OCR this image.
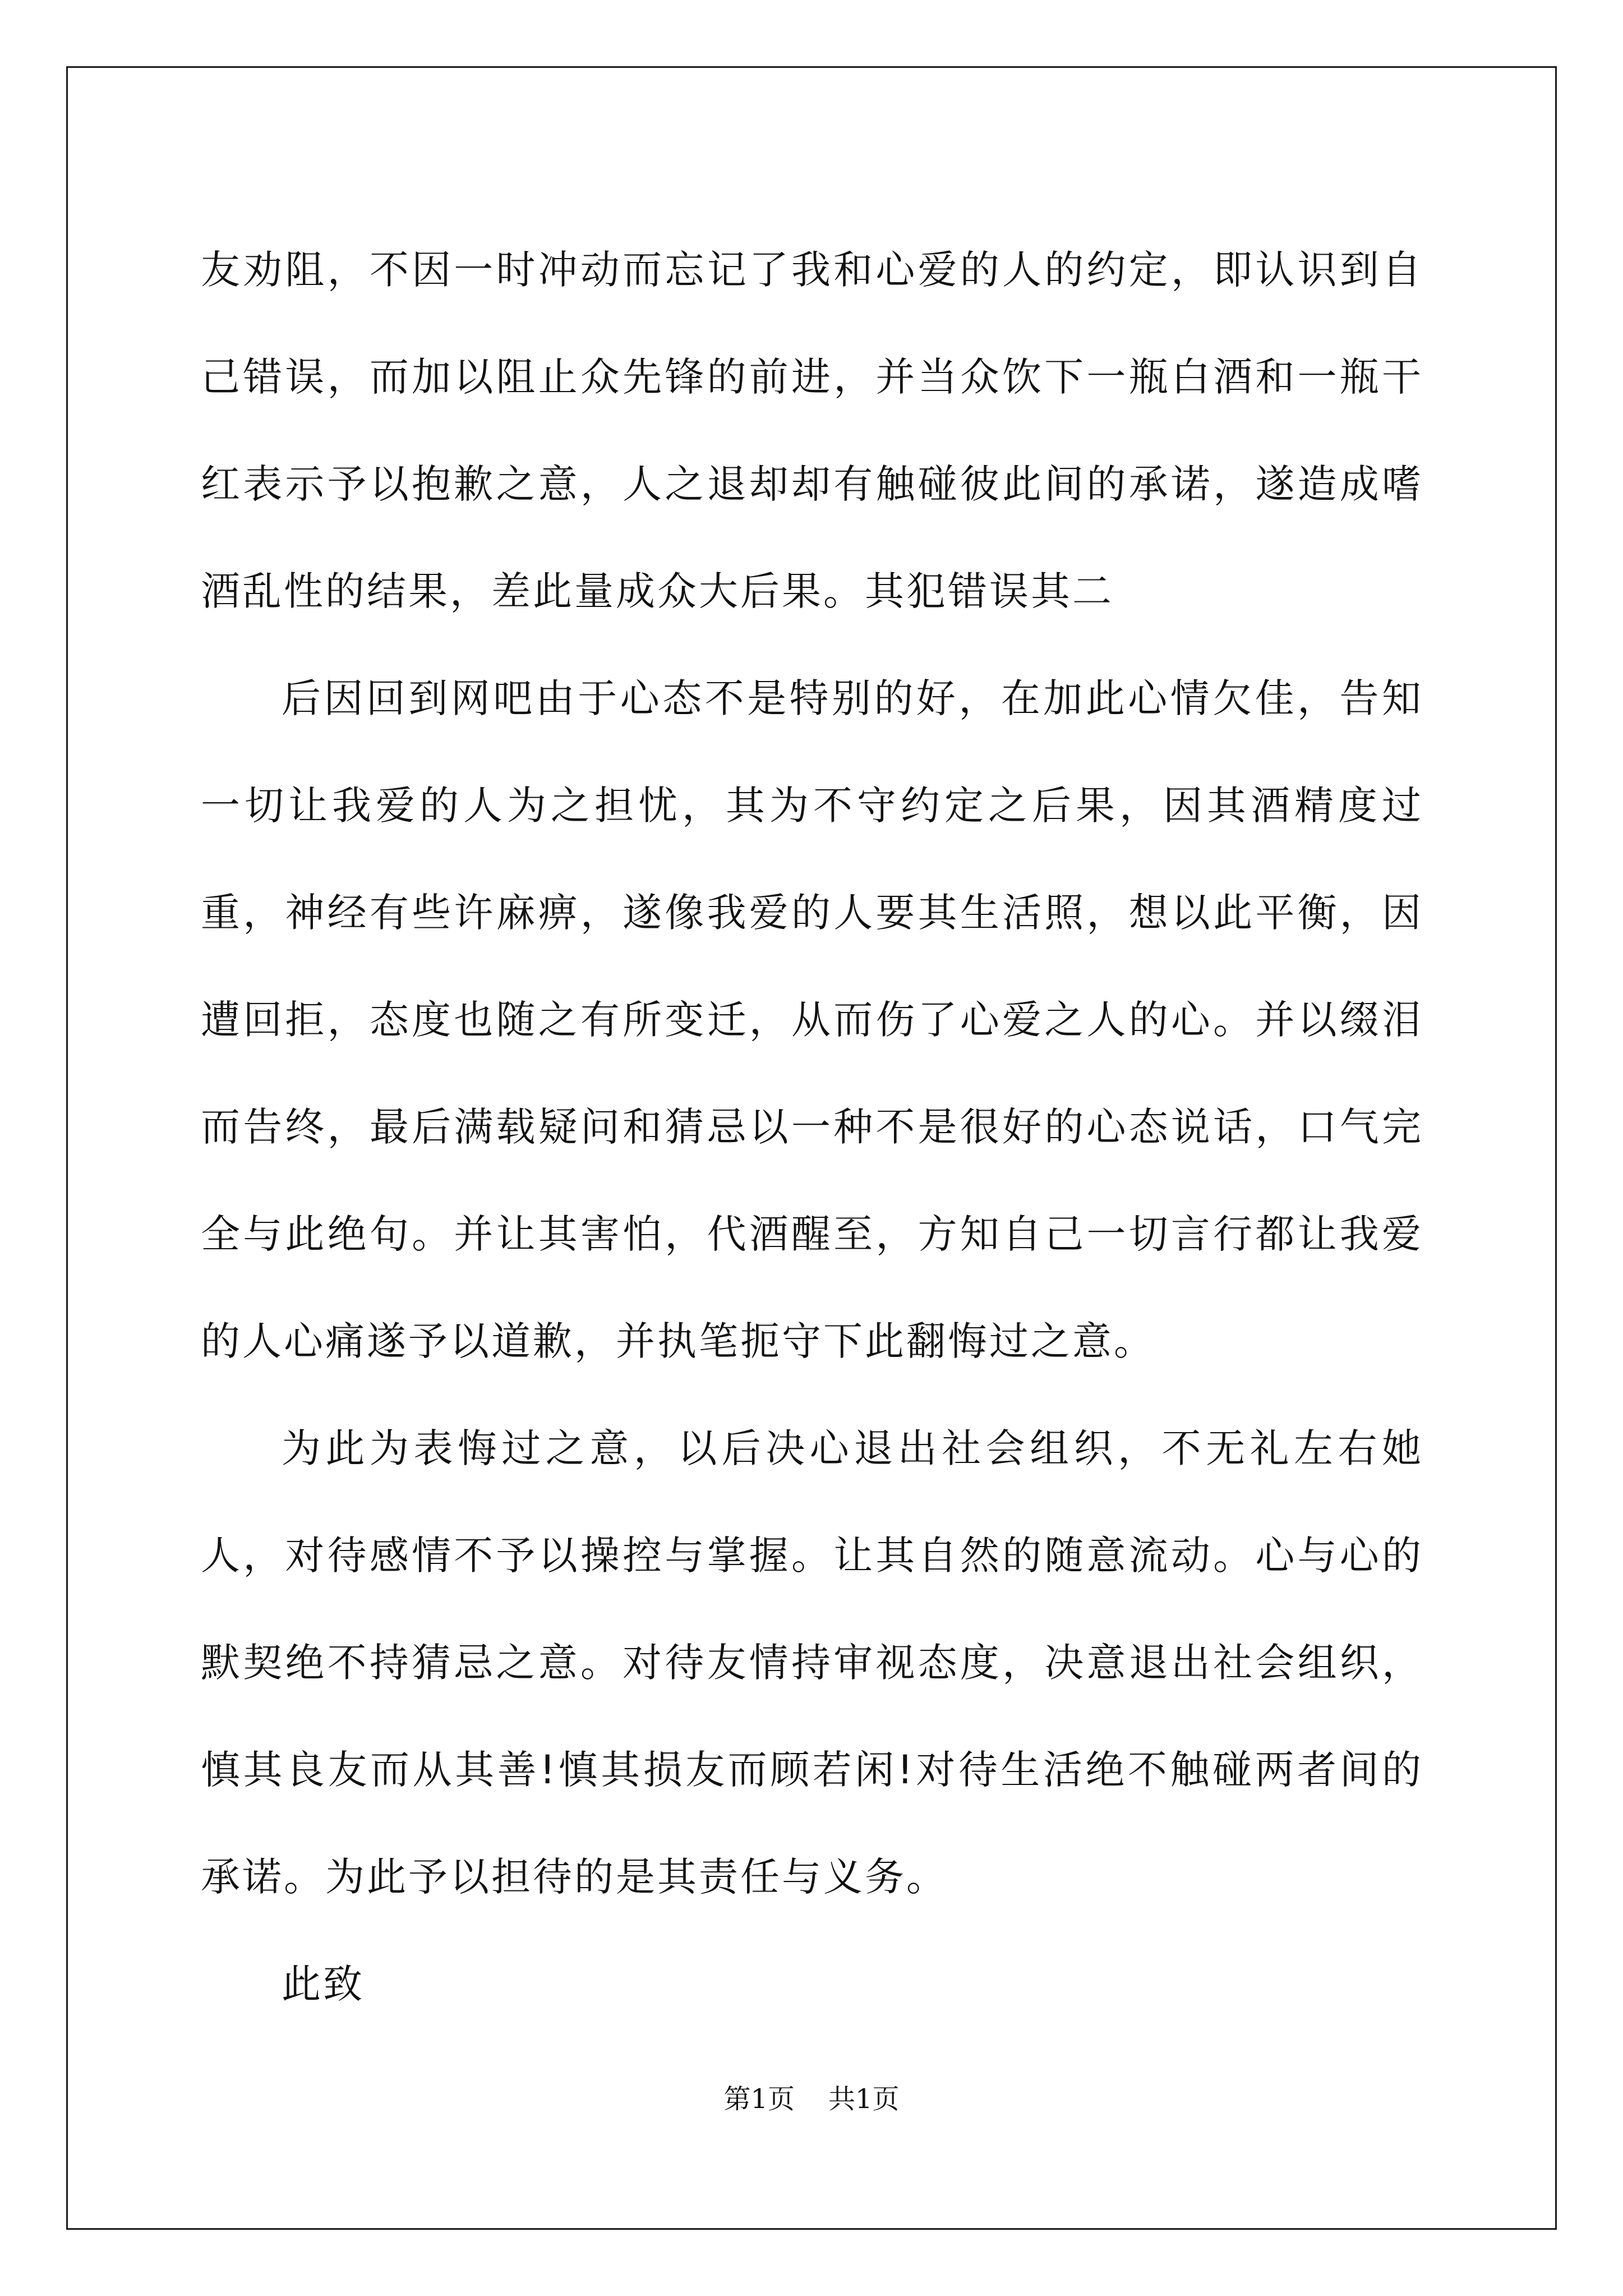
友劝阻，不因一时冲动而忘记了我和心爱的人的约定，即认识到自己错误，而加以阻止众先锋的前进，并当众饮下一瓶白酒和一瓶干红表示予以抱歉之意，人之退却却有触碰彼此间的承诺，遂造成嗜酒乱性的结果，差此量成众大后果。其犯错误其二

后因回到网吧由于心态不是特别的好，在加此心情欠佳，告知一切让我爱的人为之担忧，其为不守约定之后果，因其酒精度过重，神经有些许麻痹，遂像我爱的人要其生活照，想以此平衡，因遭回拒，态度也随之有所变迁，从而伤了心爱之人的心。并以缀泪而告终，最后满载疑问和猜忌以一种不是很好的心态说话，口气完全与此绝句。并让其害怕，代酒醒至，方知自己一切言行都让我爱的人心痛遂予以道歉，并执笔扼守下此翻悔过之意。

为此为表悔过之意，以后决心退出社会组织，不无礼左右她人，对待感情不予以操控与掌握。让其自然的随意流动。心与心的默契绝不持猜忌之意。对待友情持审视态度，决意退出社会组织，慎其良友而从其善!慎其损友而顾若闲!对待生活绝不触碰两者间的承诺。为此予以担待的是其责任与义务。

此致

第1页 共1页
